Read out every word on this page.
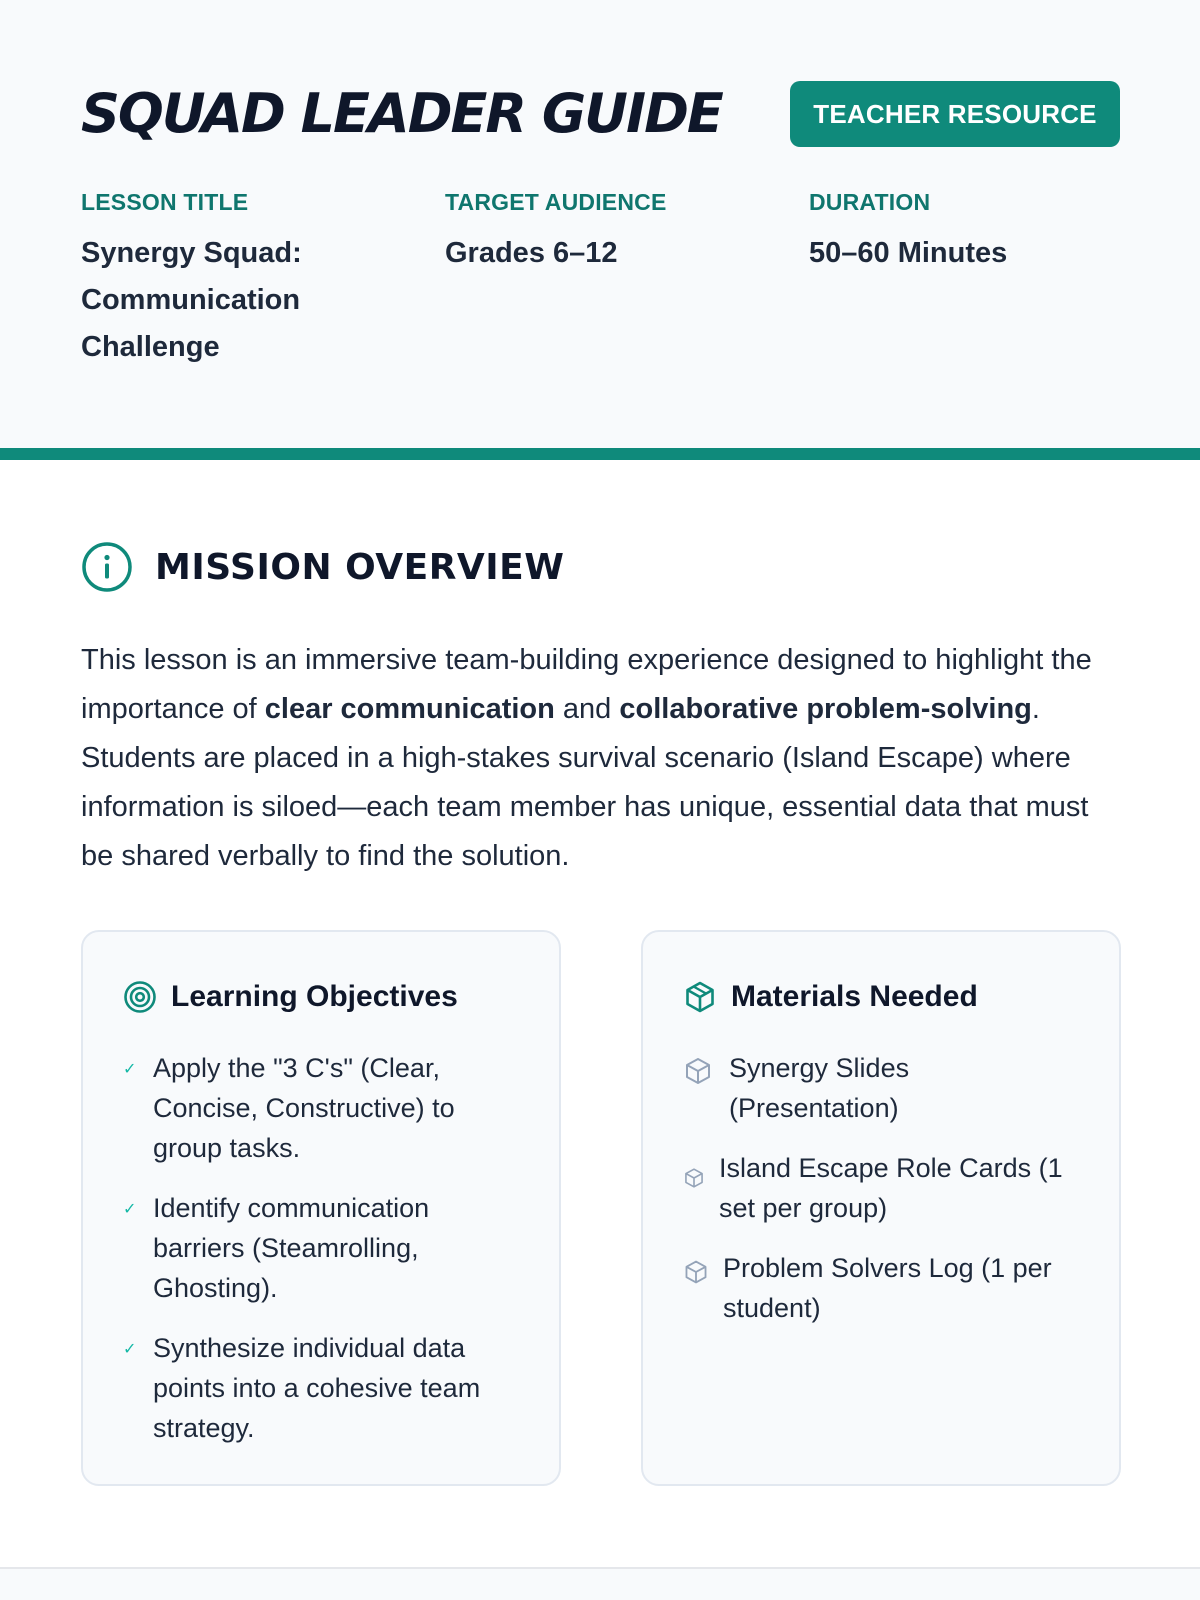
SQUAD LEADER GUIDE	TEACHER RESOURCE
LESSON TITLE
Synergy Squad: Communication Challenge
TARGET AUDIENCE
Grades 6–12
DURATION
50–60 Minutes
MISSION OVERVIEW

This lesson is an immersive team-building experience designed to highlight the importance of clear communication and collaborative problem-solving. Students are placed in a high-stakes survival scenario (Island Escape) where information is siloed—each team member has unique, essential data that must be shared verbally to find the solution.

Learning Objectives
✓ Apply the "3 C's" (Clear, Concise, Constructive) to group tasks.
✓ Identify communication barriers (Steamrolling, Ghosting).
✓ Synthesize individual data points into a cohesive team strategy.
Materials Needed
Synergy Slides (Presentation)
Island Escape Role Cards (1 set per group)
Problem Solvers Log (1 per student)
